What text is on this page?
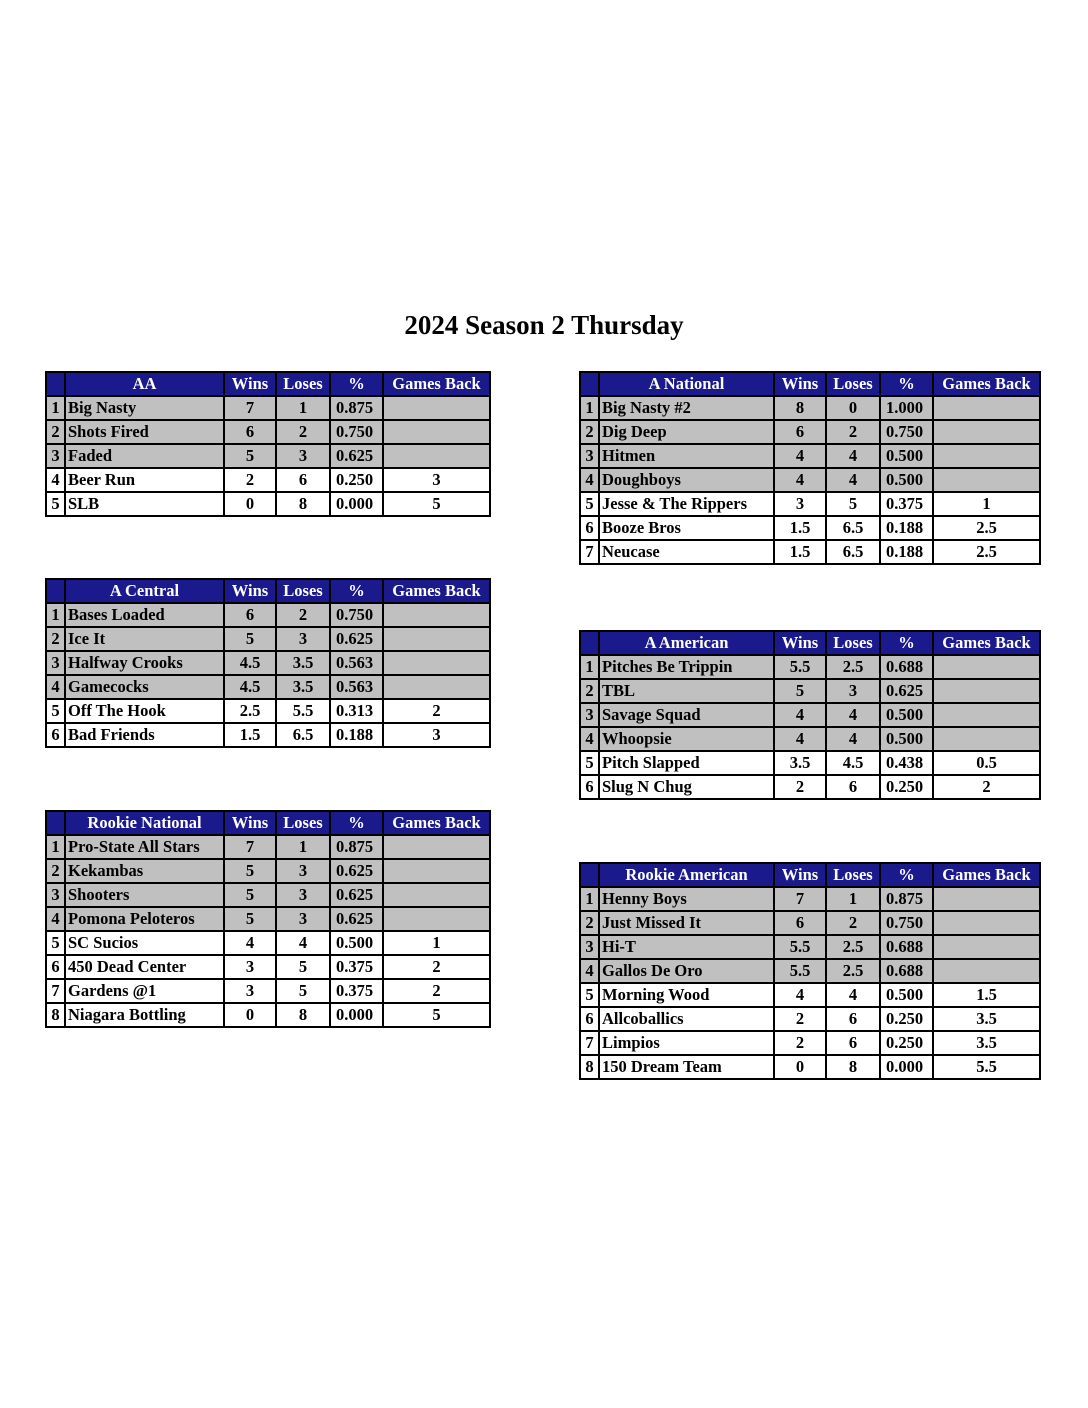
2024 Season 2 Thursday
	AA	Wins	Loses	%	Games Back
1	Big Nasty	7	1	0.875	
2	Shots Fired	6	2	0.750	
3	Faded	5	3	0.625	
4	Beer Run	2	6	0.250	3
5	SLB	0	8	0.000	5
	A Central	Wins	Loses	%	Games Back
1	Bases Loaded	6	2	0.750	
2	Ice It	5	3	0.625	
3	Halfway Crooks	4.5	3.5	0.563	
4	Gamecocks	4.5	3.5	0.563	
5	Off The Hook	2.5	5.5	0.313	2
6	Bad Friends	1.5	6.5	0.188	3
	Rookie National	Wins	Loses	%	Games Back
1	Pro-State All Stars	7	1	0.875	
2	Kekambas	5	3	0.625	
3	Shooters	5	3	0.625	
4	Pomona Peloteros	5	3	0.625	
5	SC Sucios	4	4	0.500	1
6	450 Dead Center	3	5	0.375	2
7	Gardens @1	3	5	0.375	2
8	Niagara Bottling	0	8	0.000	5
	A National	Wins	Loses	%	Games Back
1	Big Nasty #2	8	0	1.000	
2	Dig Deep	6	2	0.750	
3	Hitmen	4	4	0.500	
4	Doughboys	4	4	0.500	
5	Jesse & The Rippers	3	5	0.375	1
6	Booze Bros	1.5	6.5	0.188	2.5
7	Neucase	1.5	6.5	0.188	2.5
	A American	Wins	Loses	%	Games Back
1	Pitches Be Trippin	5.5	2.5	0.688	
2	TBL	5	3	0.625	
3	Savage Squad	4	4	0.500	
4	Whoopsie	4	4	0.500	
5	Pitch Slapped	3.5	4.5	0.438	0.5
6	Slug N Chug	2	6	0.250	2
	Rookie American	Wins	Loses	%	Games Back
1	Henny Boys	7	1	0.875	
2	Just Missed It	6	2	0.750	
3	Hi-T	5.5	2.5	0.688	
4	Gallos De Oro	5.5	2.5	0.688	
5	Morning Wood	4	4	0.500	1.5
6	Allcoballics	2	6	0.250	3.5
7	Limpios	2	6	0.250	3.5
8	150 Dream Team	0	8	0.000	5.5
